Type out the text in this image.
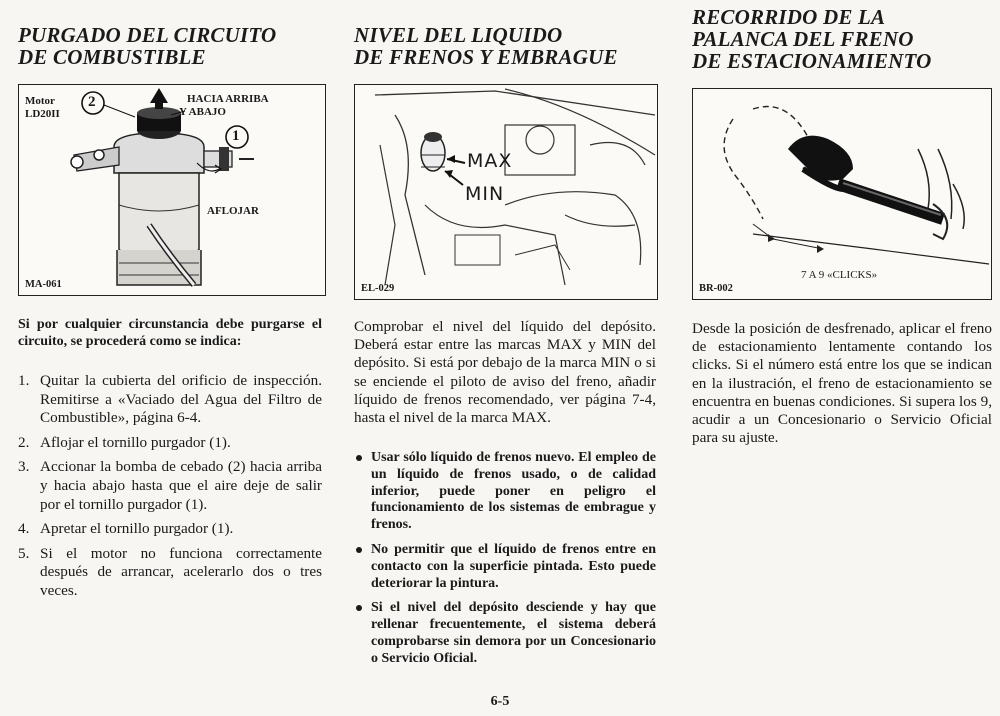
PURGADO DEL CIRCUITO
DE COMBUSTIBLE
Motor
LD20II
2
1
HACIA ARRIBA
Y ABAJO
AFLOJAR
MA-061
Si por cualquier circunstancia debe purgarse el circuito, se procederá como se indica:
1. Quitar la cubierta del orificio de inspección. Remitirse a «Vaciado del Agua del Filtro de Combustible», página 6-4.
2. Aflojar el tornillo purgador (1).
3. Accionar la bomba de cebado (2) hacia arriba y hacia abajo hasta que el aire deje de salir por el tornillo purgador (1).
4. Apretar el tornillo purgador (1).
5. Si el motor no funciona correctamente después de arrancar, acelerarlo dos o tres veces.
NIVEL DEL LIQUIDO
DE FRENOS Y EMBRAGUE
MAX
MIN
EL-029
Comprobar el nivel del líquido del depósito. Deberá estar entre las marcas MAX y MIN del depósito. Si está por debajo de la marca MIN o si se enciende el piloto de aviso del freno, añadir líquido de frenos recomendado, ver página 7-4, hasta el nivel de la marca MAX.
Usar sólo líquido de frenos nuevo. El empleo de un líquido de frenos usado, o de calidad inferior, puede poner en peligro el funcionamiento de los sistemas de embrague y frenos.
No permitir que el líquido de frenos entre en contacto con la superficie pintada. Esto puede deteriorar la pintura.
Si el nivel del depósito desciende y hay que rellenar frecuentemente, el sistema deberá comprobarse sin demora por un Concesionario o Servicio Oficial.
RECORRIDO DE LA
PALANCA DEL FRENO
DE ESTACIONAMIENTO
7 A 9 «CLICKS»
BR-002
Desde la posición de desfrenado, aplicar el freno de estacionamiento lentamente contando los clicks. Si el número está entre los que se indican en la ilustración, el freno de estacionamiento se encuentra en buenas condiciones. Si supera los 9, acudir a un Concesionario o Servicio Oficial para su ajuste.
6-5
